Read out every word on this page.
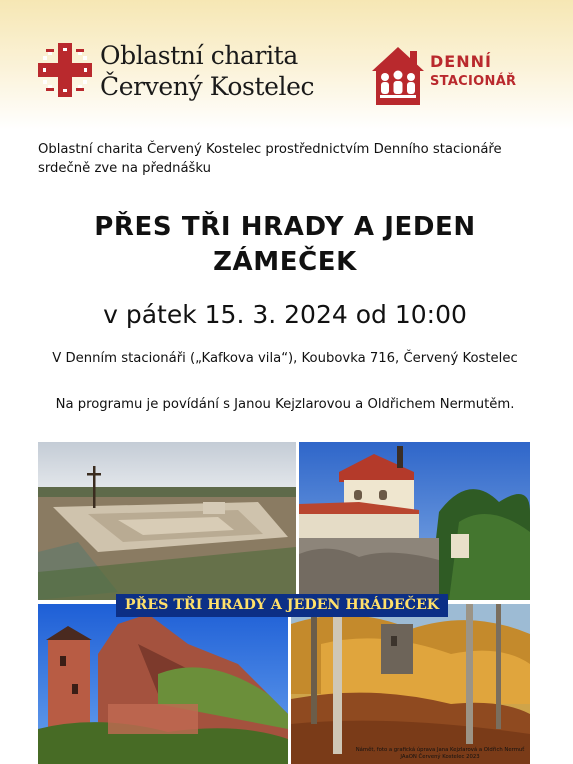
Oblastní charita
Červený Kostelec
DENNÍ
STACIONÁŘ
Oblastní charita Červený Kostelec prostřednictvím Denního stacionáře
srdečně zve na přednášku
PŘES TŘI HRADY A JEDEN
ZÁMEČEK
v pátek 15. 3. 2024 od 10:00
V Denním stacionáři („Kafkova vila“), Koubovka 716, Červený Kostelec
Na programu je povídání s Janou Kejzlarovou a Oldřichem Nermutěm.
PŘES TŘI HRADY A JEDEN HRÁDEČEK
Námět, foto a grafická úprava Jana Kejzlarová a Oldřich Nermuť
JAaON Červený Kostelec 2023
